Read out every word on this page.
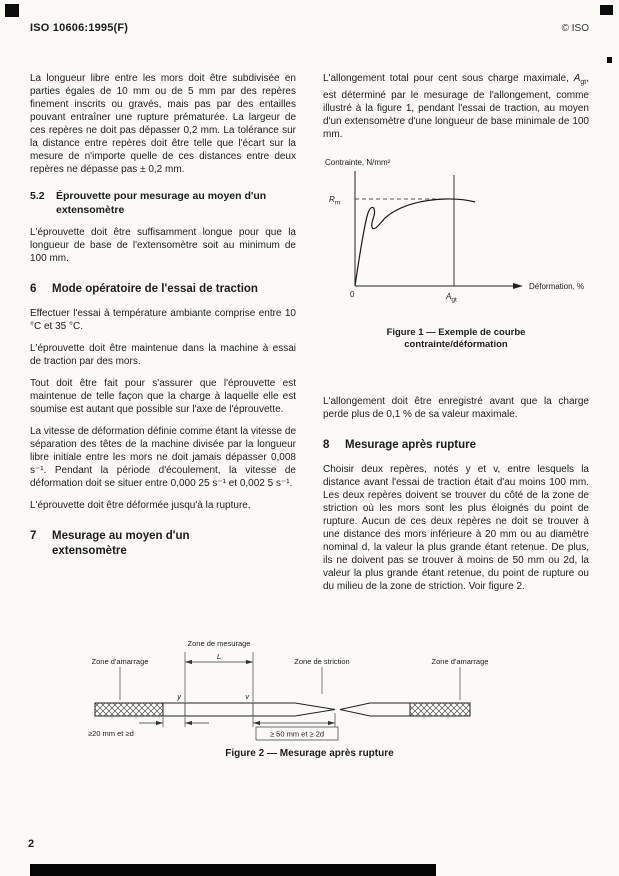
ISO 10606:1995(F)	© ISO

La longueur libre entre les mors doit être subdivisée en parties égales de 10 mm ou de 5 mm par des repères finement inscrits ou gravés, mais pas par des entailles pouvant entraîner une rupture prématurée. La largeur de ces repères ne doit pas dépasser 0,2 mm. La tolérance sur la distance entre repères doit être telle que l'écart sur la mesure de n'importe quelle de ces distances entre deux repères ne dépasse pas ± 0,2 mm.

5.2	Éprouvette pour mesurage au moyen d'un extensomètre

L'éprouvette doit être suffisamment longue pour que la longueur de base de l'extensomètre soit au minimum de 100 mm.

6	Mode opératoire de l'essai de traction

Effectuer l'essai à température ambiante comprise entre 10 °C et 35 °C.

L'éprouvette doit être maintenue dans la machine à essai de traction par des mors.

Tout doit être fait pour s'assurer que l'éprouvette est maintenue de telle façon que la charge à laquelle elle est soumise est autant que possible sur l'axe de l'éprouvette.

La vitesse de déformation définie comme étant la vitesse de séparation des têtes de la machine divisée par la longueur libre initiale entre les mors ne doit jamais dépasser 0,008 s⁻¹. Pendant la période d'écoulement, la vitesse de déformation doit se situer entre 0,000 25 s⁻¹ et 0,002 5 s⁻¹.

L'éprouvette doit être déformée jusqu'à la rupture.

7	Mesurage au moyen d'un extensomètre

L'allongement total pour cent sous charge maximale, $A_{gt}$, est déterminé par le mesurage de l'allongement, comme illustré à la figure 1, pendant l'essai de traction, au moyen d'un extensomètre d'une longueur de base minimale de 100 mm.

Contrainte, N/mm²
$R_m$
0	$A_{gt}$
Déformation, %
Figure 1 — Exemple de courbe contrainte/déformation

L'allongement doit être enregistré avant que la charge perde plus de 0,1 % de sa valeur maximale.

8	Mesurage après rupture

Choisir deux repères, notés y et v, entre lesquels la distance avant l'essai de traction était d'au moins 100 mm. Les deux repères doivent se trouver du côté de la zone de striction où les mors sont les plus éloignés du point de rupture. Aucun de ces deux repères ne doit se trouver à une distance des mors inférieure à 20 mm ou au diamètre nominal d, la valeur la plus grande étant retenue. De plus, ils ne doivent pas se trouver à moins de 50 mm ou 2d, la valeur la plus grande étant retenue, du point de rupture ou du milieu de la zone de striction. Voir figure 2.

Zone de mesurage
Zone d'amarrage	Zone de striction	Zone d'amarrage
L
y	v
≥20 mm et ≥d	≥ 50 mm et ≥ 2d
Figure 2 — Mesurage après rupture
2
